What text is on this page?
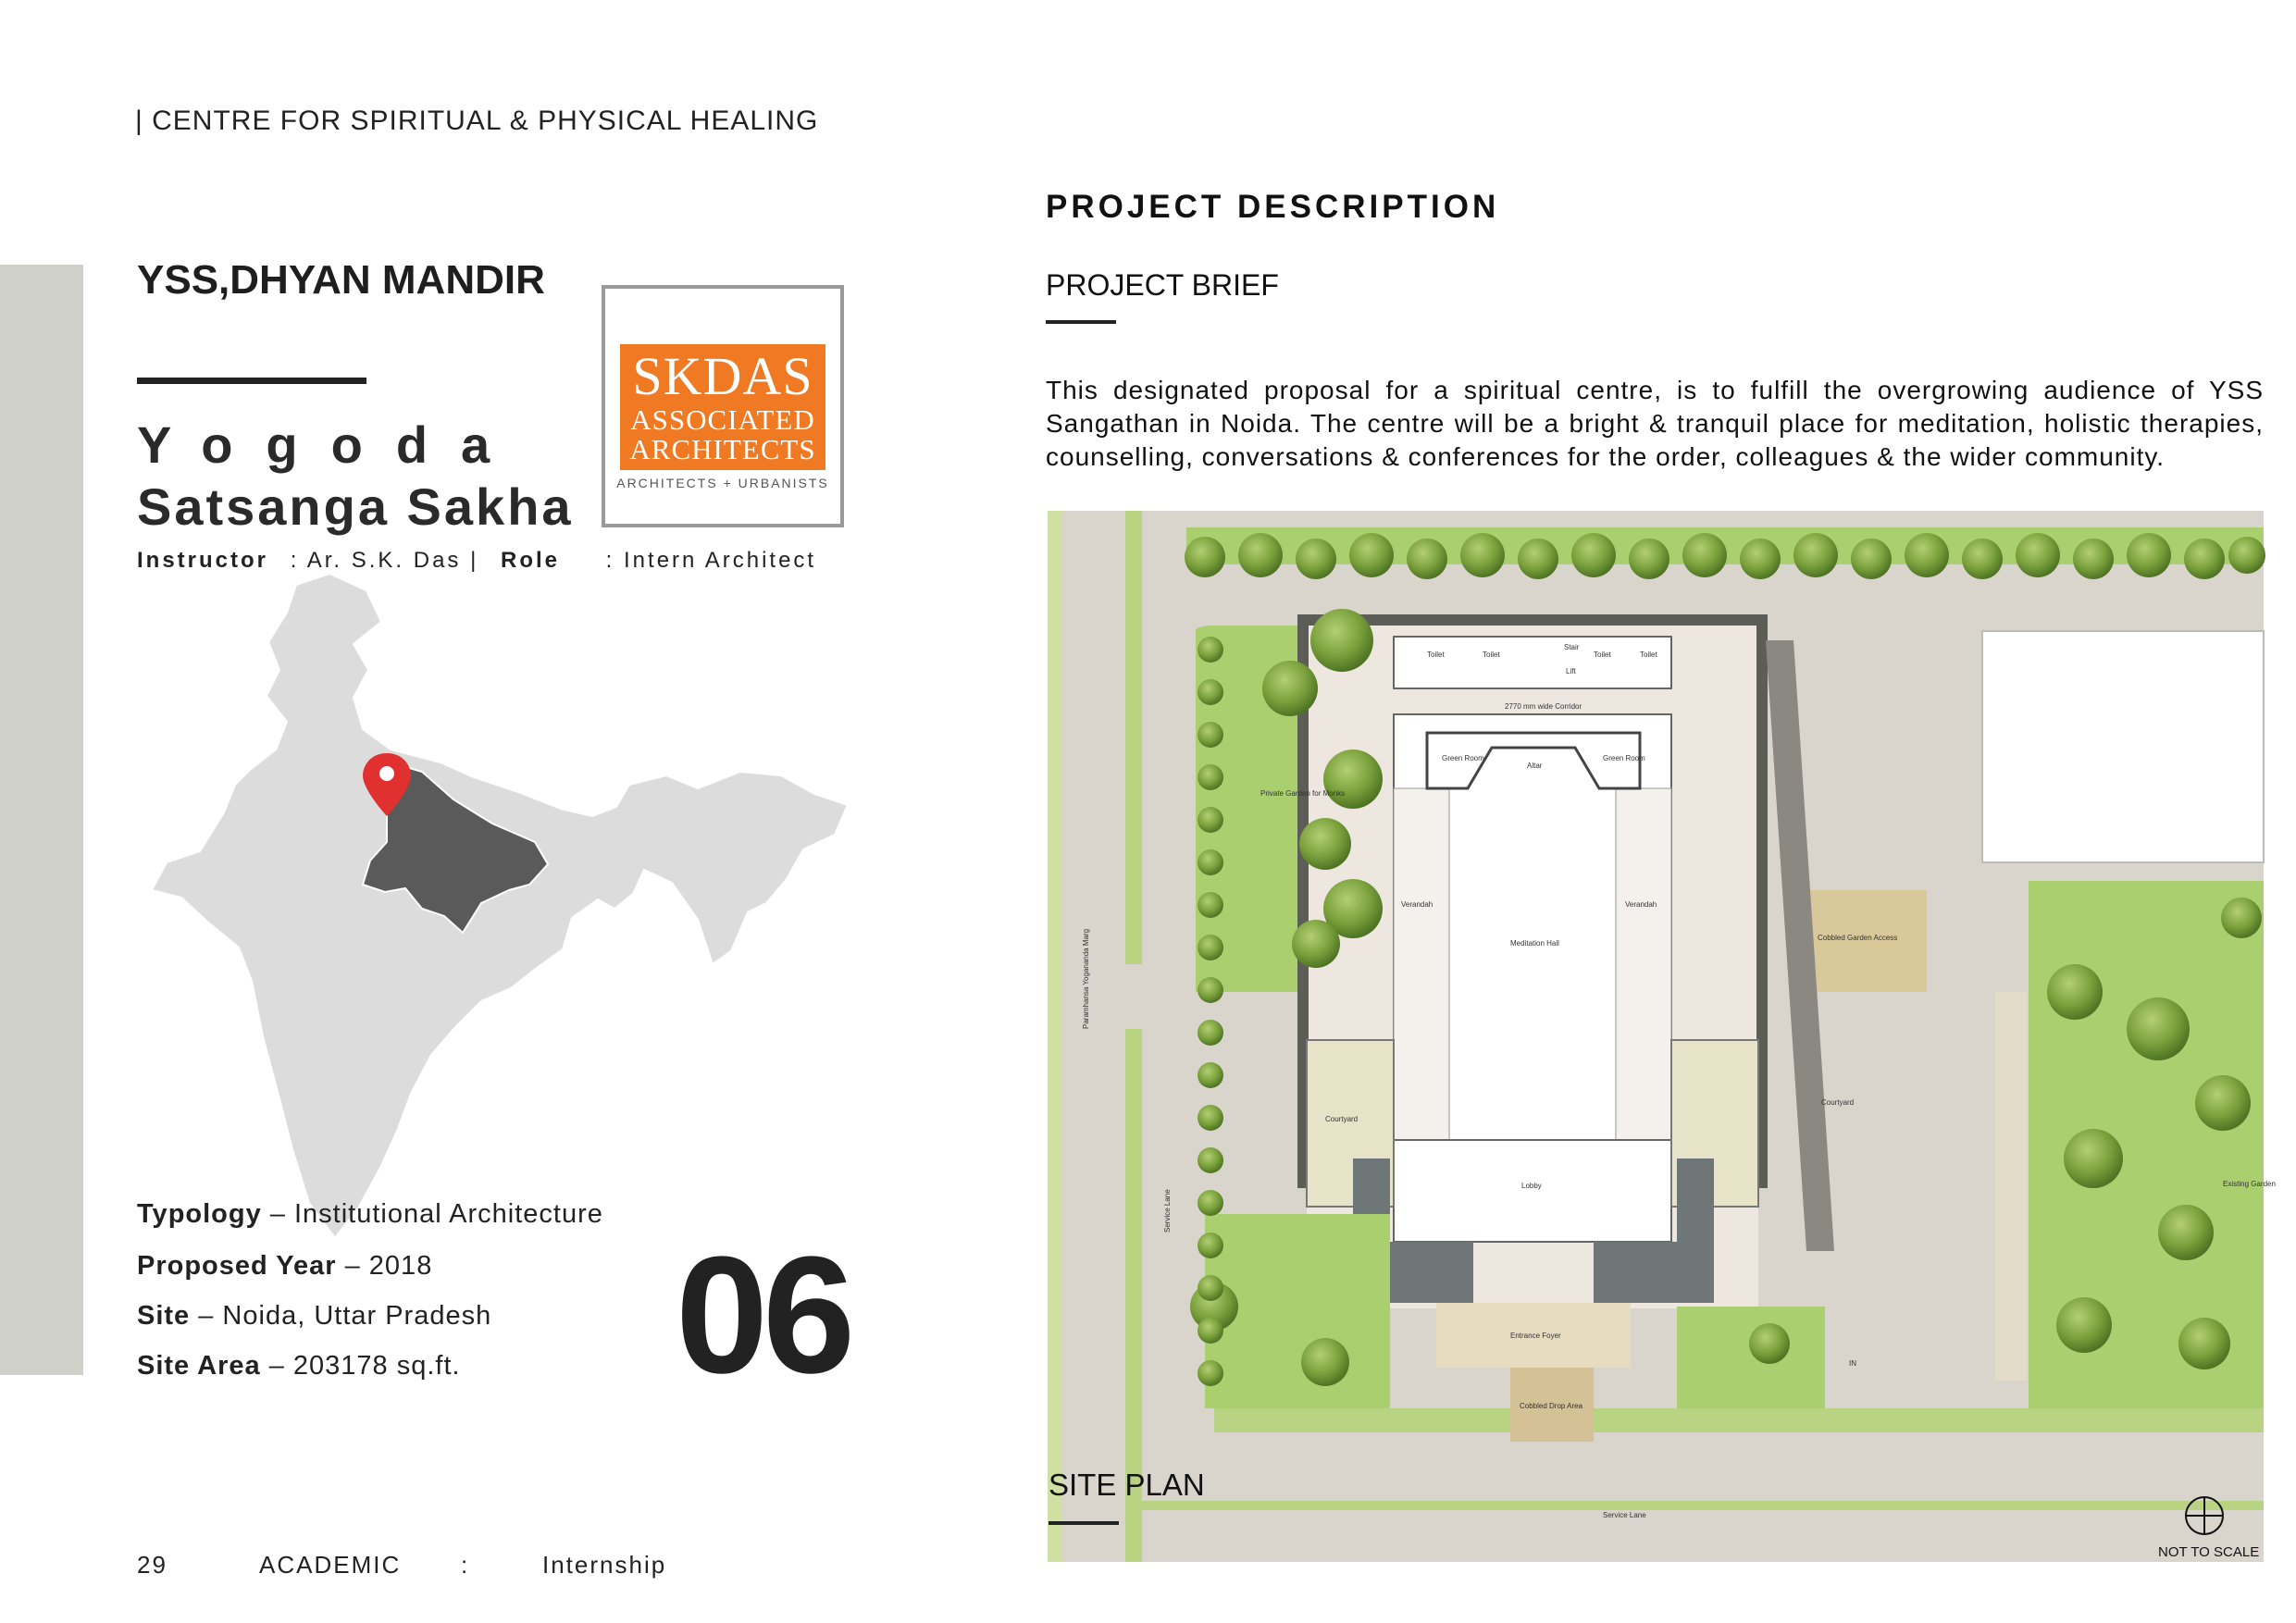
| CENTRE FOR SPIRITUAL & PHYSICAL HEALING
YSS,DHYAN MANDIR
Yogoda
Satsanga Sakha
Instructor : Ar. S.K. Das | Role : Intern Architect
SKDAS
ASSOCIATED
ARCHITECTS
ARCHITECTS + URBANISTS
Typology – Institutional Architecture
Proposed Year – 2018
Site – Noida, Uttar Pradesh
Site Area – 203178 sq.ft. 06
29	ACADEMIC :	Internship
PROJECT DESCRIPTION
PROJECT BRIEF
This designated proposal for a spiritual centre, is to fulfill the overgrowing audience of YSS Sangathan in Noida. The centre will be a bright & tranquil place for meditation, holistic therapies, counselling, conversations & conferences for the order, colleagues & the wider community.
Toilet	Toilet	Toilet	Toilet
Stair
Lift
2770 mm wide Corridor
Green Room	Green Room
Altar
Private Garden for Monks
Verandah	Verandah
Meditation Hall
Cobbled Garden Access
Courtyard
Courtyard
Lobby
Entrance Foyer
Cobbled Drop Area
Service Lane
Existing Garden
IN
Paramhansa Yogananda Marg
Service Lane
NOT TO SCALE
SITE PLAN
